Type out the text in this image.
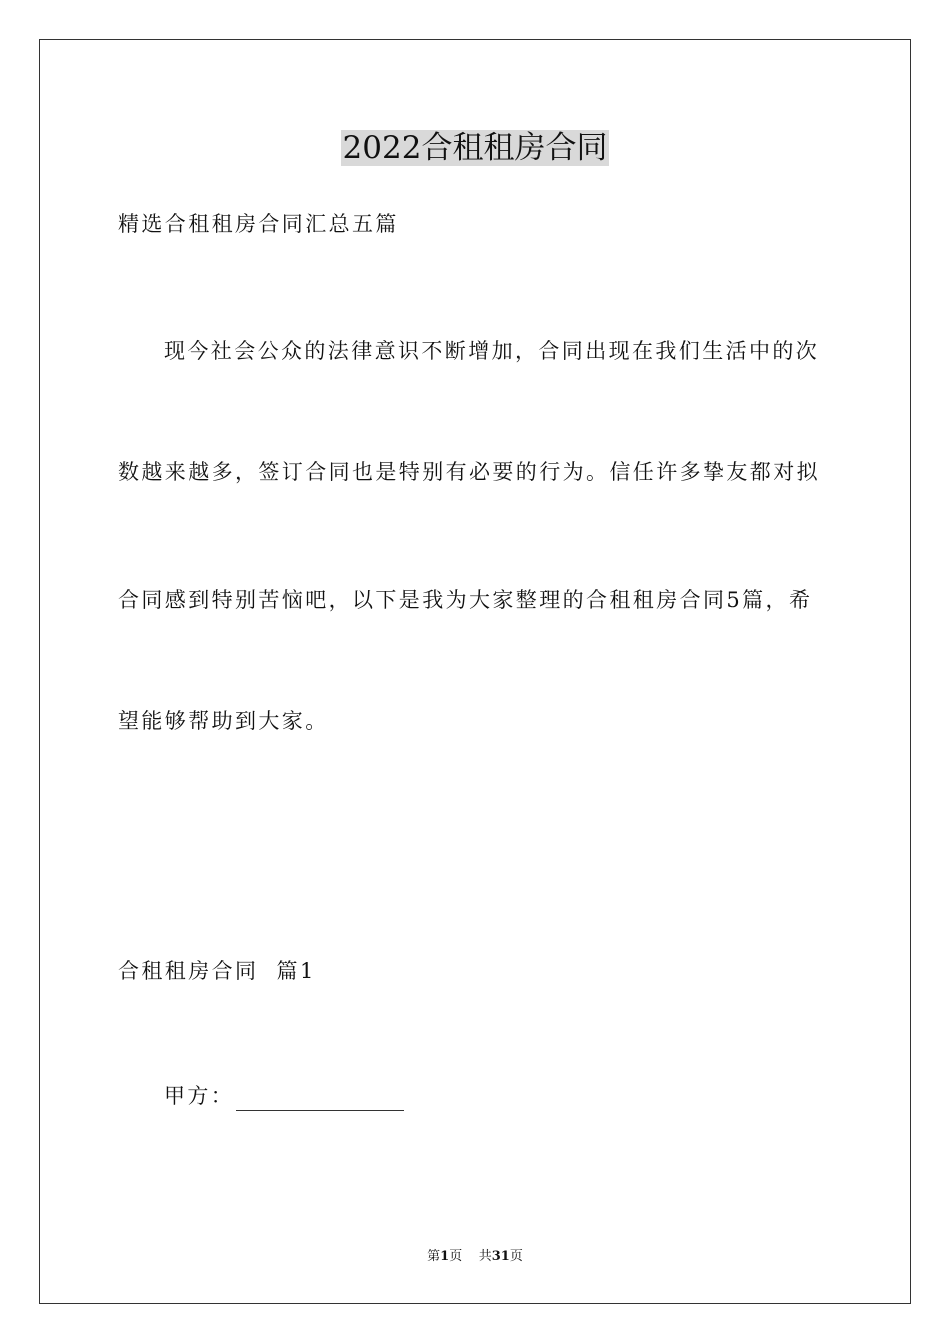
2022合租租房合同
精选合租租房合同汇总五篇
现今社会公众的法律意识不断增加，合同出现在我们生活中的次
数越来越多，签订合同也是特别有必要的行为。信任许多挚友都对拟
合同感到特别苦恼吧，以下是我为大家整理的合租租房合同5篇，希
望能够帮助到大家。
合租租房合同  篇1
甲方：
第1页 共31页
